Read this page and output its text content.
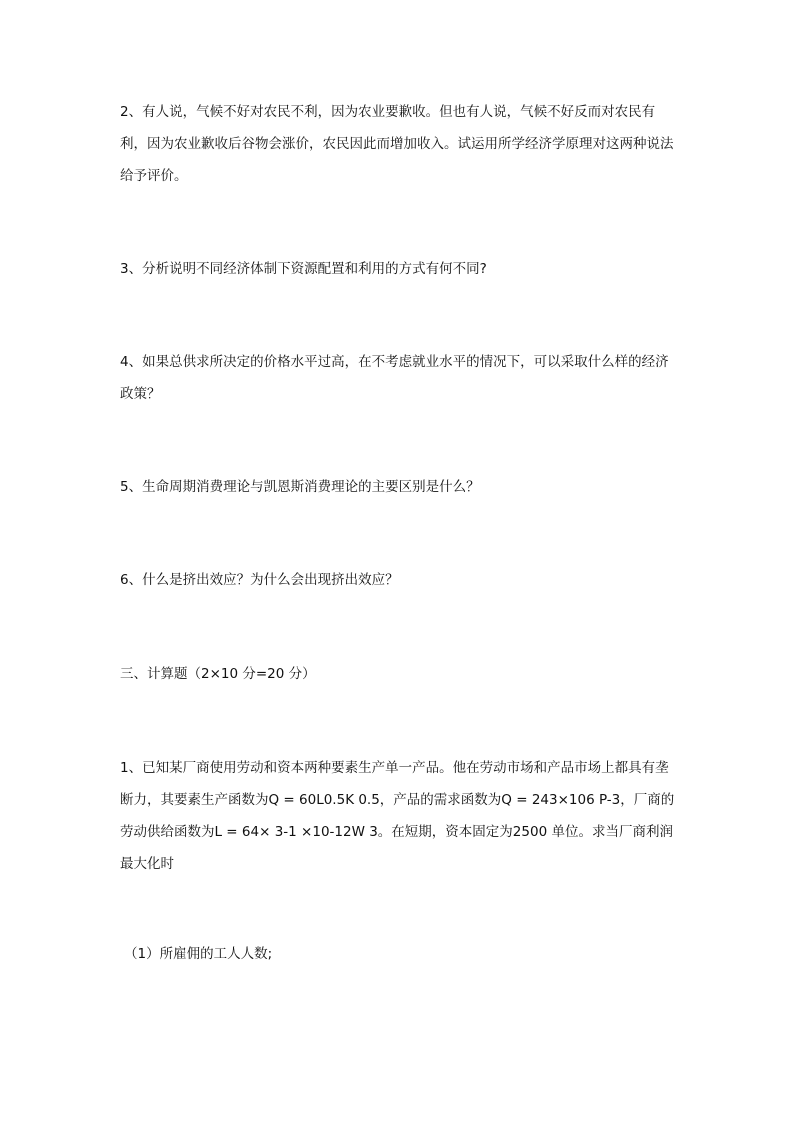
2、有人说，气候不好对农民不利，因为农业要歉收。但也有人说，气候不好反而对农民有利，因为农业歉收后谷物会涨价，农民因此而增加收入。试运用所学经济学原理对这两种说法给予评价。

3、分析说明不同经济体制下资源配置和利用的方式有何不同?

4、如果总供求所决定的价格水平过高，在不考虑就业水平的情况下，可以采取什么样的经济政策？

5、生命周期消费理论与凯恩斯消费理论的主要区别是什么？

6、什么是挤出效应？为什么会出现挤出效应？

三、计算题（2×10 分=20 分）

1、已知某厂商使用劳动和资本两种要素生产单一产品。他在劳动市场和产品市场上都具有垄断力，其要素生产函数为Q = 60L0.5K 0.5，产品的需求函数为Q = 243×106 P-3，厂商的劳动供给函数为L = 64× 3-1 ×10-12W 3。在短期，资本固定为2500 单位。求当厂商利润最大化时

（1）所雇佣的工人人数;
